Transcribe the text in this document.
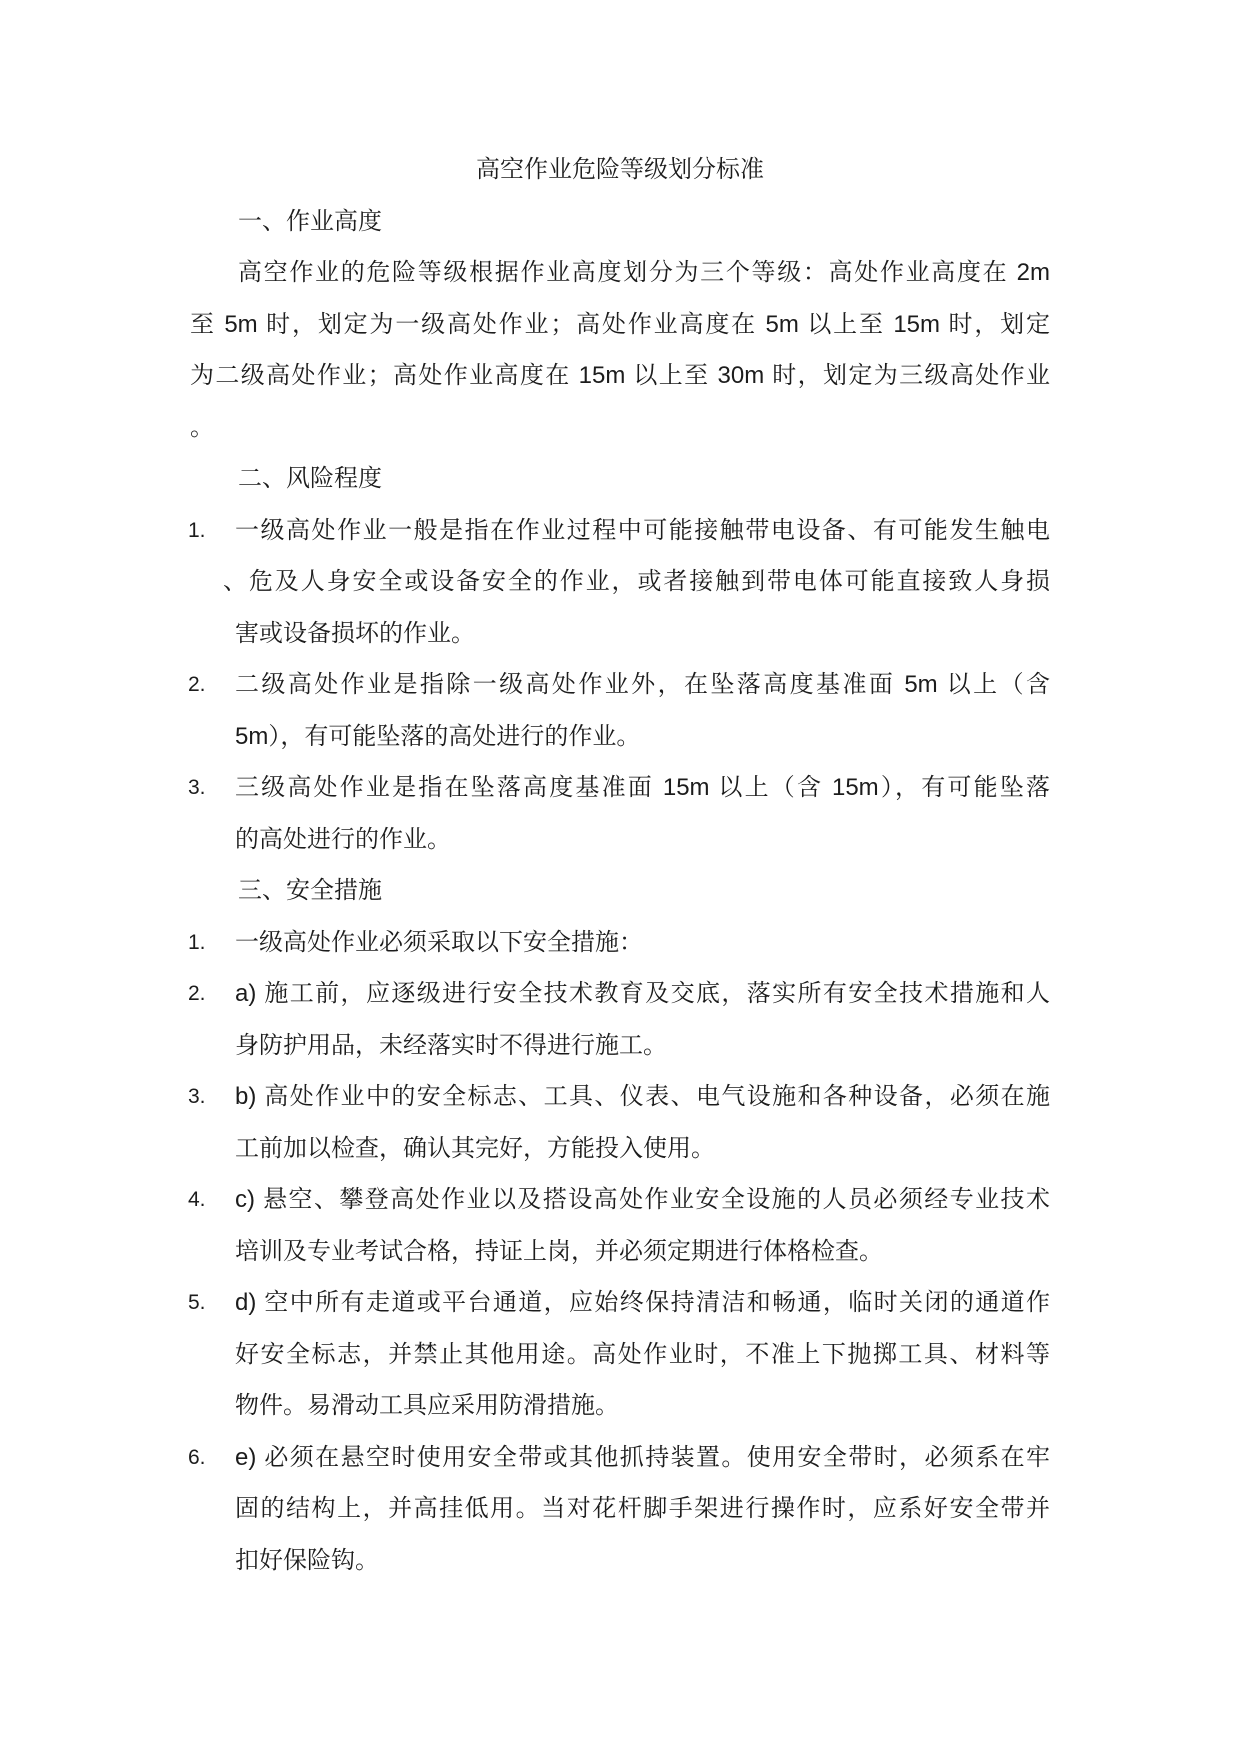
高空作业危险等级划分标准
一、作业高度
高空作业的危险等级根据作业高度划分为三个等级：高处作业高度在 2m
至 5m 时，划定为一级高处作业；高处作业高度在 5m 以上至 15m 时，划定
为二级高处作业；高处作业高度在 15m 以上至 30m 时，划定为三级高处作业
。
二、风险程度
1. 一级高处作业一般是指在作业过程中可能接触带电设备、有可能发生触电
、危及人身安全或设备安全的作业，或者接触到带电体可能直接致人身损
害或设备损坏的作业。
2. 二级高处作业是指除一级高处作业外，在坠落高度基准面 5m 以上（含
5m），有可能坠落的高处进行的作业。
3. 三级高处作业是指在坠落高度基准面 15m 以上（含 15m），有可能坠落
的高处进行的作业。
三、安全措施
1. 一级高处作业必须采取以下安全措施：
2. a) 施工前，应逐级进行安全技术教育及交底，落实所有安全技术措施和人
身防护用品，未经落实时不得进行施工。
3. b) 高处作业中的安全标志、工具、仪表、电气设施和各种设备，必须在施
工前加以检查，确认其完好，方能投入使用。
4. c) 悬空、攀登高处作业以及搭设高处作业安全设施的人员必须经专业技术
培训及专业考试合格，持证上岗，并必须定期进行体格检查。
5. d) 空中所有走道或平台通道，应始终保持清洁和畅通，临时关闭的通道作
好安全标志，并禁止其他用途。高处作业时，不准上下抛掷工具、材料等
物件。易滑动工具应采用防滑措施。
6. e) 必须在悬空时使用安全带或其他抓持装置。使用安全带时，必须系在牢
固的结构上，并高挂低用。当对花杆脚手架进行操作时，应系好安全带并
扣好保险钩。
